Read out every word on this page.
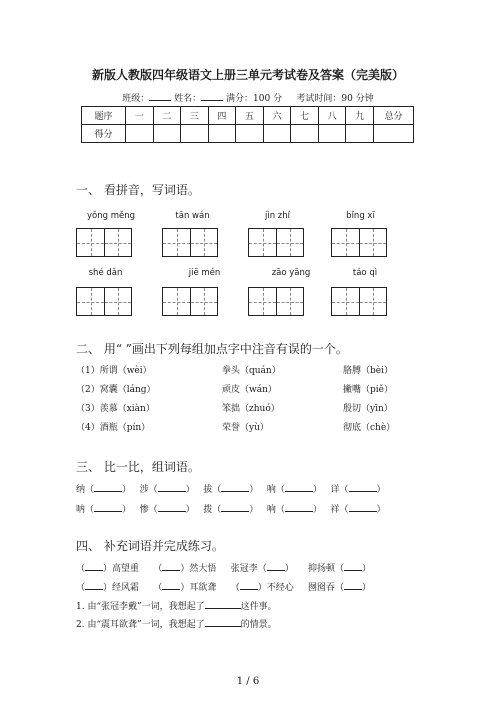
新版人教版四年级语文上册三单元考试卷及答案（完美版）
班级：	姓名：	满分：100 分 考试时间：90 分钟
题序	一	二	三	四	五	六	七	八	九	总分
得分										
一、 看拼音，写词语。
yǒng měng	tān wán	jìn zhí	bǐng xī
shé dǎn	jiē mén	zāo yāng	táo qì
二、 用“ ”画出下列每组加点字中注音有误的一个。
（1）所谓（wèi）	拳头（quán）	胳膊（bèi）
（2）窝囊（láng）	顽皮（wán）	撇嘴（piě）
（3）羡慕（xiàn）	笨拙（zhuó）	殷切（yīn）
（4）酒瓶（pín）	荣誉（yù）	彻底（chè）
三、 比一比，组词语。
纳（	） 涉（	） 拔（	） 响（	） 详（	）
呐（	） 惨（	） 拨（	） 响（	） 祥（	）
四、 补充词语并完成练习。
（ ）高望重 （ ）然大悟 张冠李（ ） 抑扬顿（ ）
（ ）经风霜 （ ）耳欲聋 （ ）不经心 囫囵吞（ ）
1. 由“张冠李戴”一词，我想起了	这件事。
2. 由“震耳欲聋”一词，我想起了	的情景。
1 / 6
